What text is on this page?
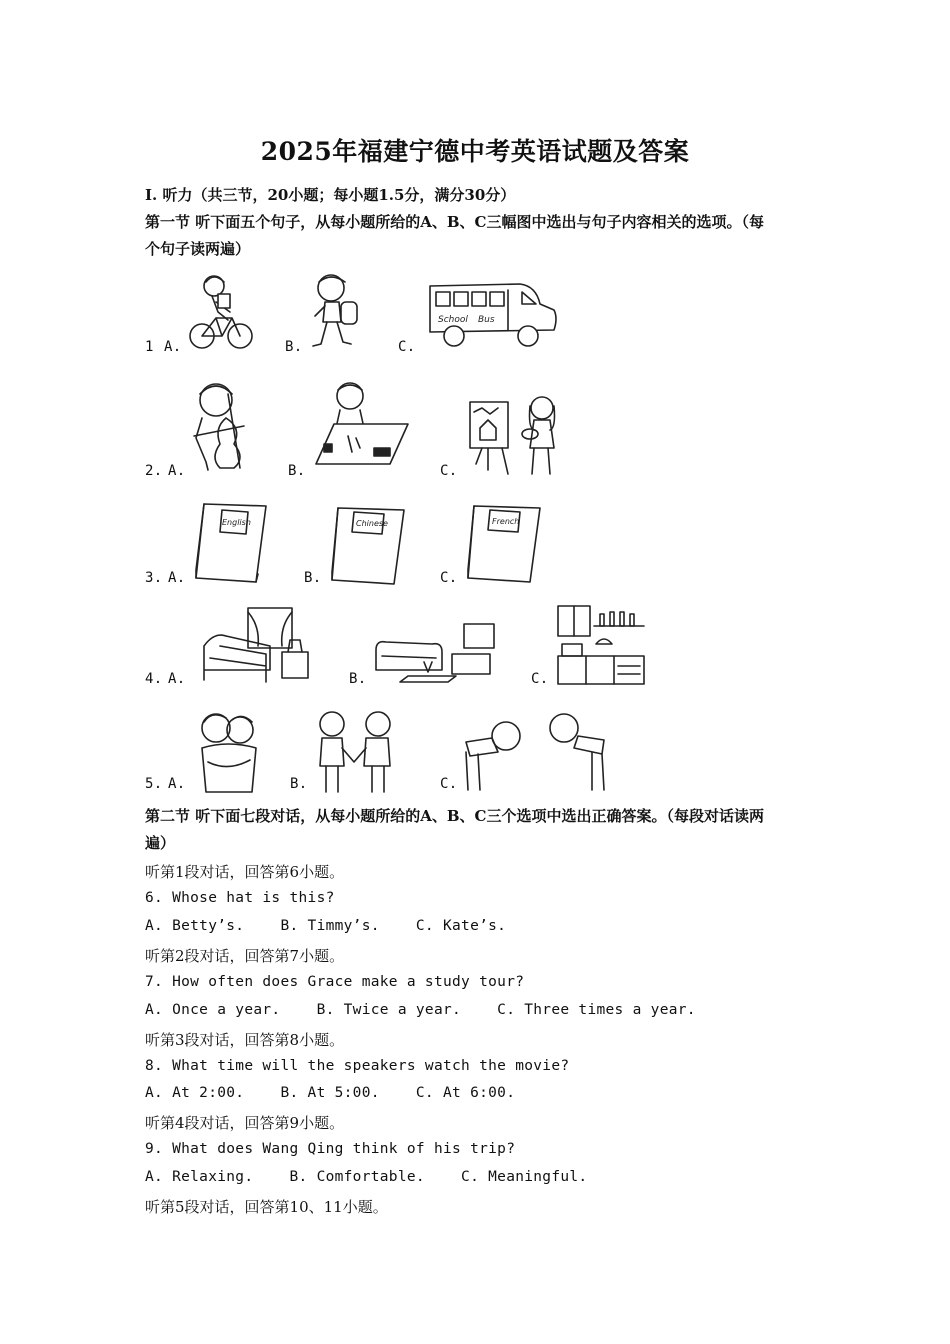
2025年福建宁德中考英语试题及答案
Ⅰ. 听力（共三节，20小题；每小题1.5分，满分30分）
第一节 听下面五个句子，从每小题所给的A、B、C三幅图中选出与句子内容相关的选项。（每
个句子读两遍）
1 A.	B.	C.
School Bus
2. A.	B.	C.
3. A.	B.	C.
English	Chinese	French
4. A.	B.	C.
5. A.	B.	C.
第二节 听下面七段对话，从每小题所给的A、B、C三个选项中选出正确答案。（每段对话读两
遍）
听第1段对话，回答第6小题。
6. Whose hat is this?
A. Betty’s.    B. Timmy’s.    C. Kate’s.
听第2段对话，回答第7小题。
7. How often does Grace make a study tour?
A. Once a year.    B. Twice a year.    C. Three times a year.
听第3段对话，回答第8小题。
8. What time will the speakers watch the movie?
A. At 2:00.    B. At 5:00.    C. At 6:00.
听第4段对话，回答第9小题。
9. What does Wang Qing think of his trip?
A. Relaxing.    B. Comfortable.    C. Meaningful.
听第5段对话，回答第10、11小题。
